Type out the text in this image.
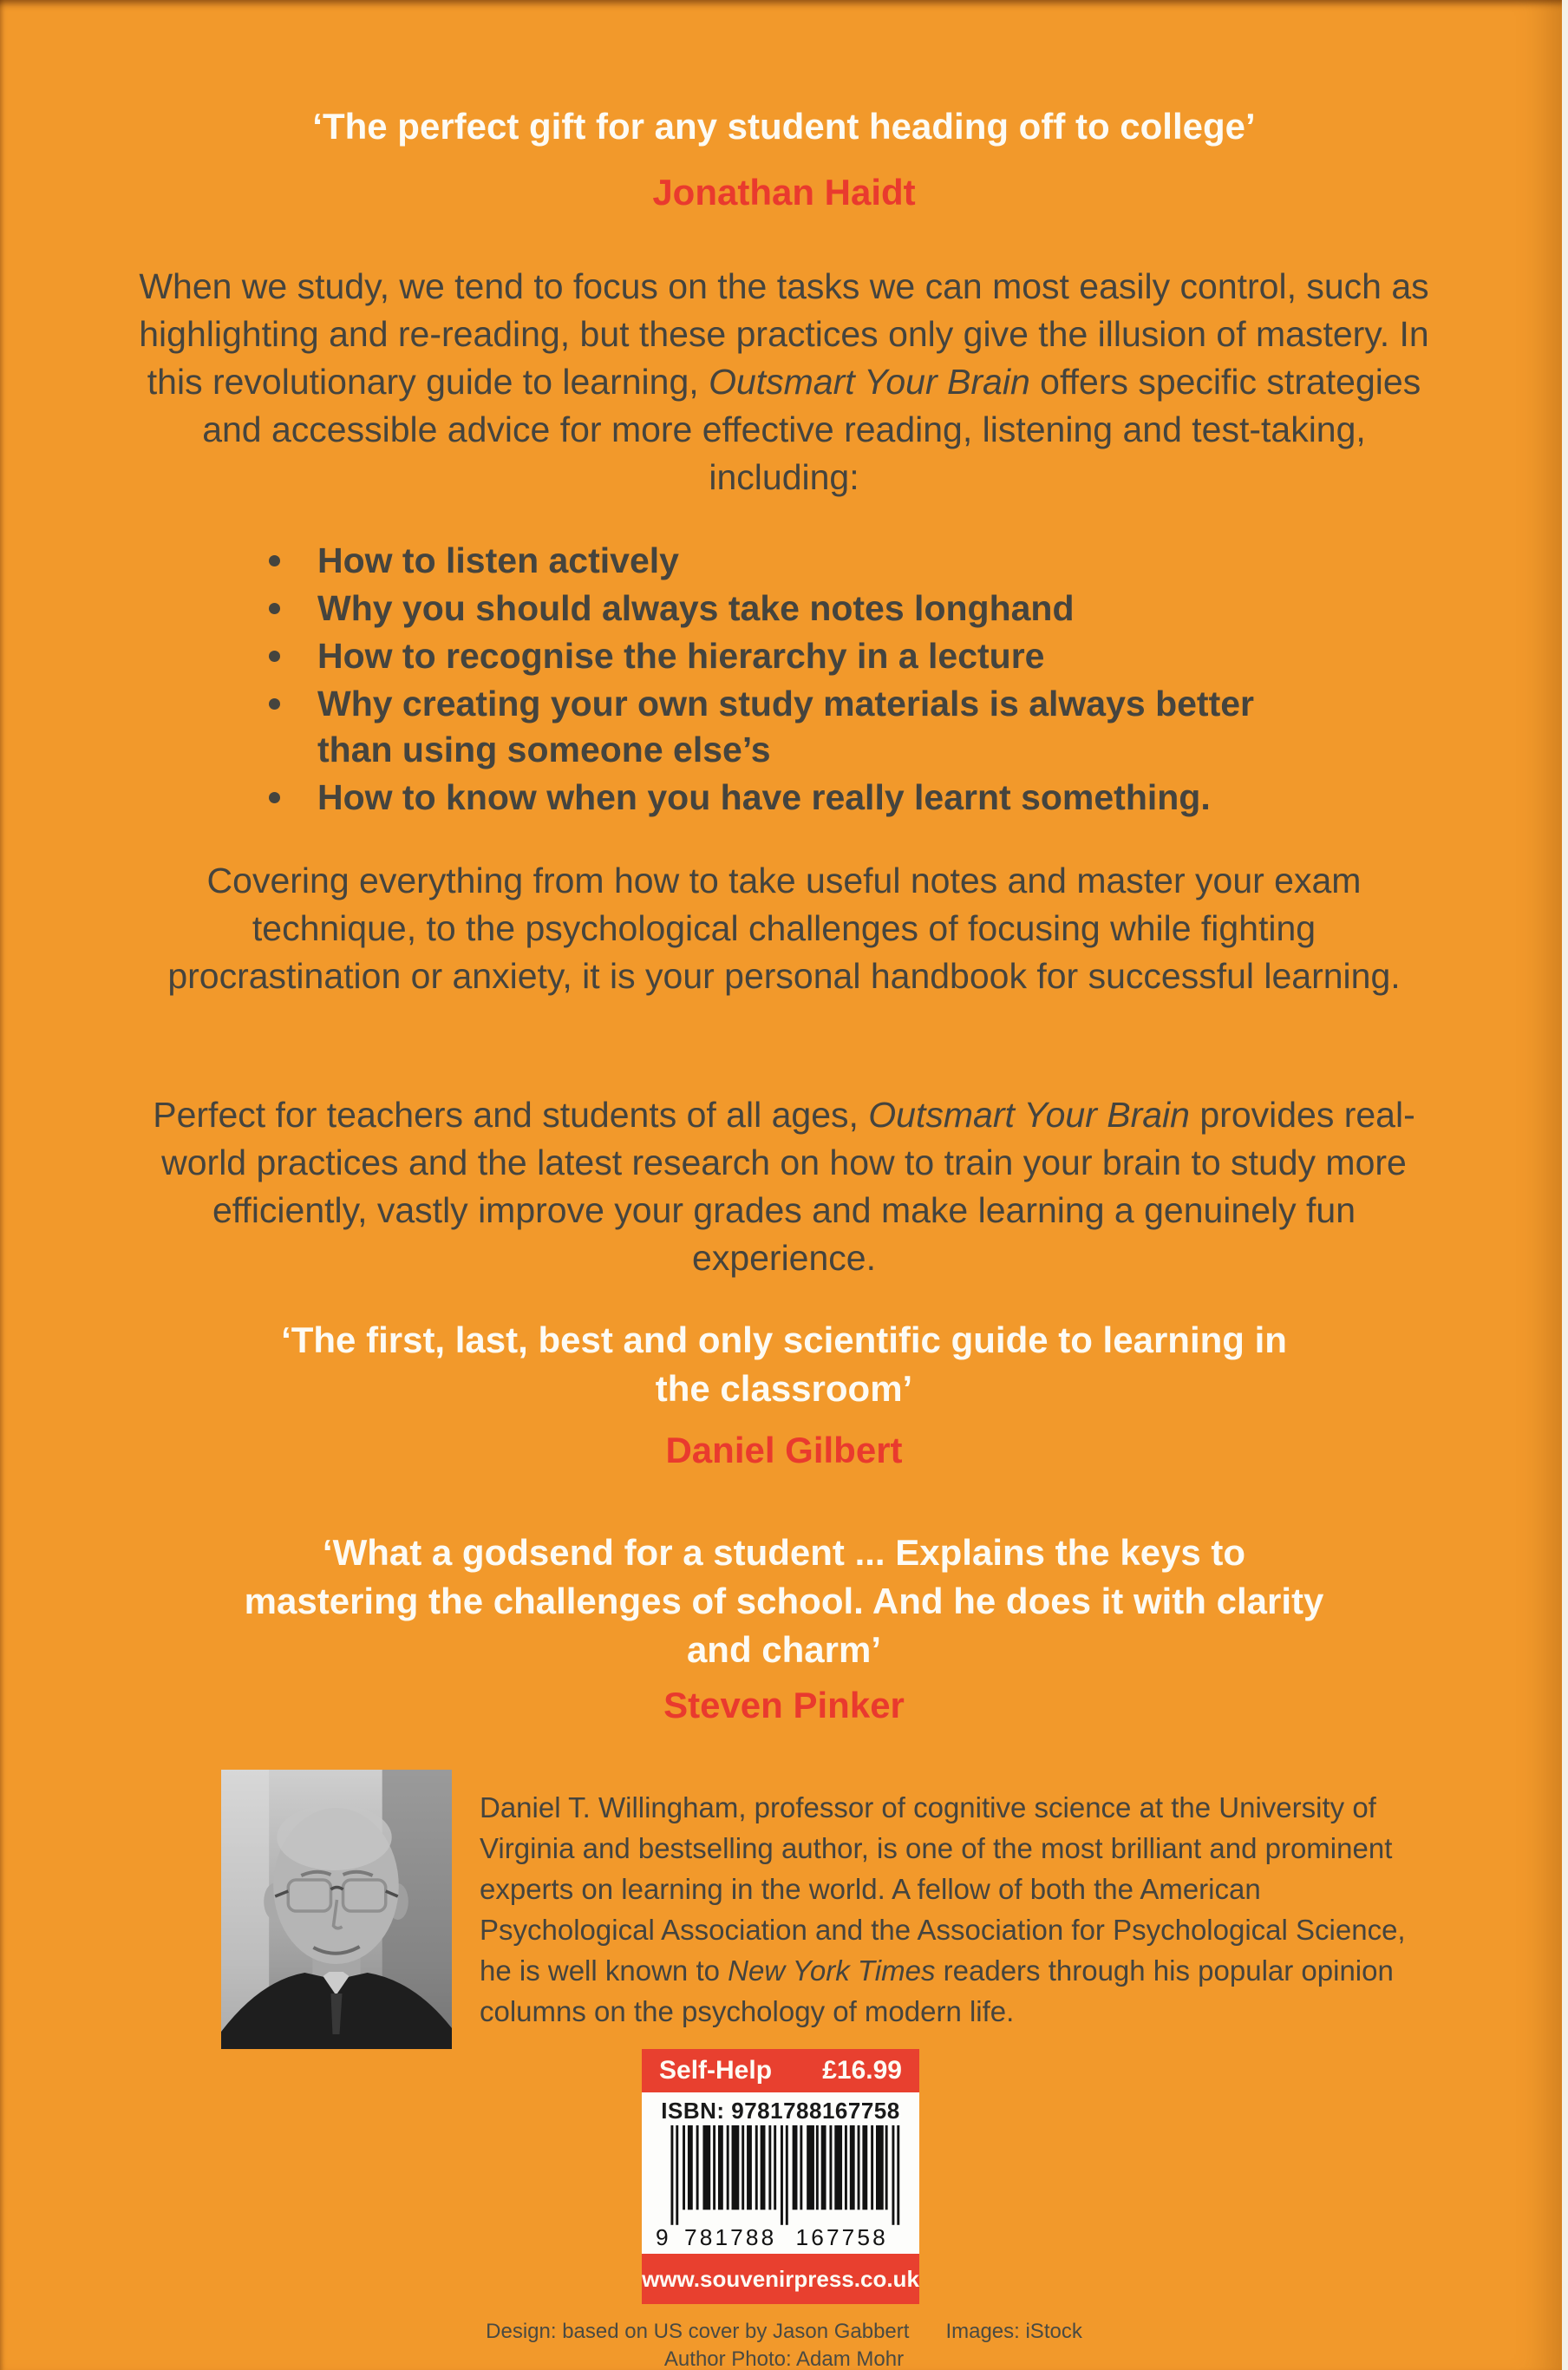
‘The perfect gift for any student heading off to college’
Jonathan Haidt

When we study, we tend to focus on the tasks we can most easily control, such as highlighting and re-reading, but these practices only give the illusion of mastery. In this revolutionary guide to learning, Outsmart Your Brain offers specific strategies and accessible advice for more effective reading, listening and test-taking, including:

How to listen actively
Why you should always take notes longhand
How to recognise the hierarchy in a lecture
Why creating your own study materials is always better than using someone else’s
How to know when you have really learnt something.

Covering everything from how to take useful notes and master your exam technique, to the psychological challenges of focusing while fighting procrastination or anxiety, it is your personal handbook for successful learning.

Perfect for teachers and students of all ages, Outsmart Your Brain provides real-world practices and the latest research on how to train your brain to study more efficiently, vastly improve your grades and make learning a genuinely fun experience.

‘The first, last, best and only scientific guide to learning in the classroom’
Daniel Gilbert
‘What a godsend for a student ... Explains the keys to mastering the challenges of school. And he does it with clarity and charm’
Steven Pinker
Daniel T. Willingham, professor of cognitive science at the University of Virginia and bestselling author, is one of the most brilliant and prominent experts on learning in the world. A fellow of both the American Psychological Association and the Association for Psychological Science, he is well known to New York Times readers through his popular opinion columns on the psychology of modern life.
Self-Help £16.99
ISBN: 9781788167758
9 781788 167758
www.souvenirpress.co.uk
Design: based on US cover by Jason Gabbert Images: iStock
Author Photo: Adam Mohr
